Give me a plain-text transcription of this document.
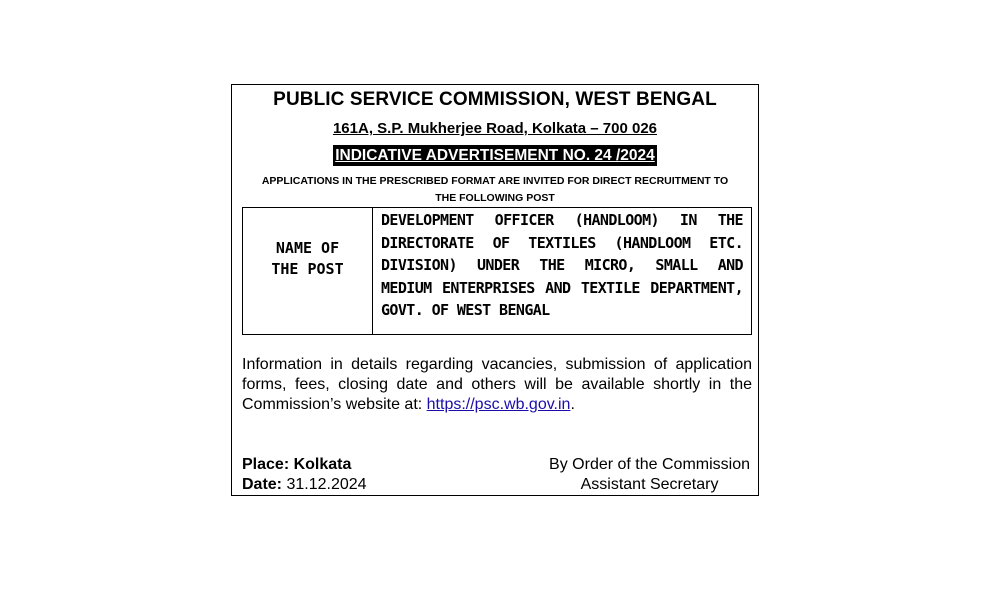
PUBLIC SERVICE COMMISSION, WEST BENGAL
161A, S.P. Mukherjee Road, Kolkata – 700 026
INDICATIVE ADVERTISEMENT NO. 24 /2024
APPLICATIONS IN THE PRESCRIBED FORMAT ARE INVITED FOR DIRECT RECRUITMENT TO
THE FOLLOWING POST
NAME OF THE POST
DEVELOPMENT OFFICER (HANDLOOM) IN THE DIRECTORATE OF TEXTILES (HANDLOOM ETC. DIVISION) UNDER THE MICRO, SMALL AND MEDIUM ENTERPRISES AND TEXTILE DEPARTMENT, GOVT. OF WEST BENGAL
Information in details regarding vacancies, submission of application forms, fees, closing date and others will be available shortly in the Commission’s website at: https://psc.wb.gov.in.
Place: Kolkata
Date: 31.12.2024
By Order of the Commission
Assistant Secretary
